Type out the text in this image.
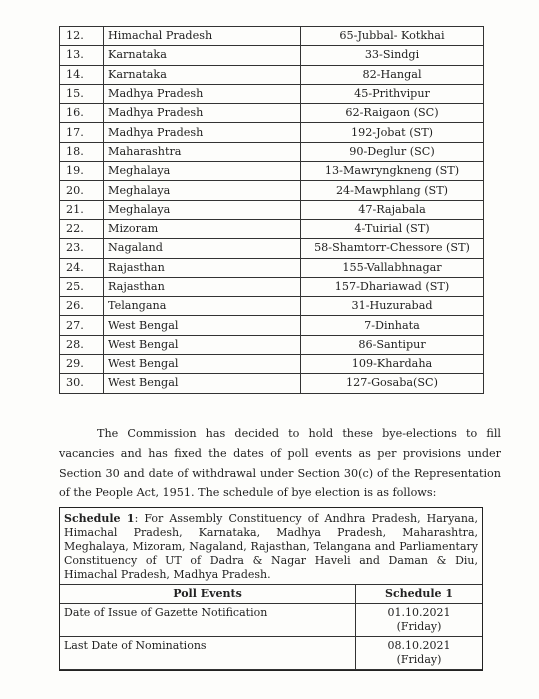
12.	Himachal Pradesh	65-Jubbal- Kotkhai
13.	Karnataka	33-Sindgi
14.	Karnataka	82-Hangal
15.	Madhya Pradesh	45-Prithvipur
16.	Madhya Pradesh	62-Raigaon (SC)
17.	Madhya Pradesh	192-Jobat (ST)
18.	Maharashtra	90-Deglur (SC)
19.	Meghalaya	13-Mawryngkneng (ST)
20.	Meghalaya	24-Mawphlang (ST)
21.	Meghalaya	47-Rajabala
22.	Mizoram	4-Tuirial (ST)
23.	Nagaland	58-Shamtorr-Chessore (ST)
24.	Rajasthan	155-Vallabhnagar
25.	Rajasthan	157-Dhariawad (ST)
26.	Telangana	31-Huzurabad
27.	West Bengal	7-Dinhata
28.	West Bengal	86-Santipur
29.	West Bengal	109-Khardaha
30.	West Bengal	127-Gosaba(SC)

The Commission has decided to hold these bye-elections to fill vacancies and has fixed the dates of poll events as per provisions under Section 30 and date of withdrawal under Section 30(c) of the Representation of the People Act, 1951. The schedule of bye election is as follows:

Schedule 1: For Assembly Constituency of Andhra Pradesh, Haryana, Himachal Pradesh, Karnataka, Madhya Pradesh, Maharashtra, Meghalaya, Mizoram, Nagaland, Rajasthan, Telangana and Parliamentary Constituency of UT of Dadra & Nagar Haveli and Daman & Diu, Himachal Pradesh, Madhya Pradesh.
Poll Events	Schedule 1
Date of Issue of Gazette Notification	01.10.2021
(Friday)

Last Date of Nominations	08.10.2021
(Friday)
